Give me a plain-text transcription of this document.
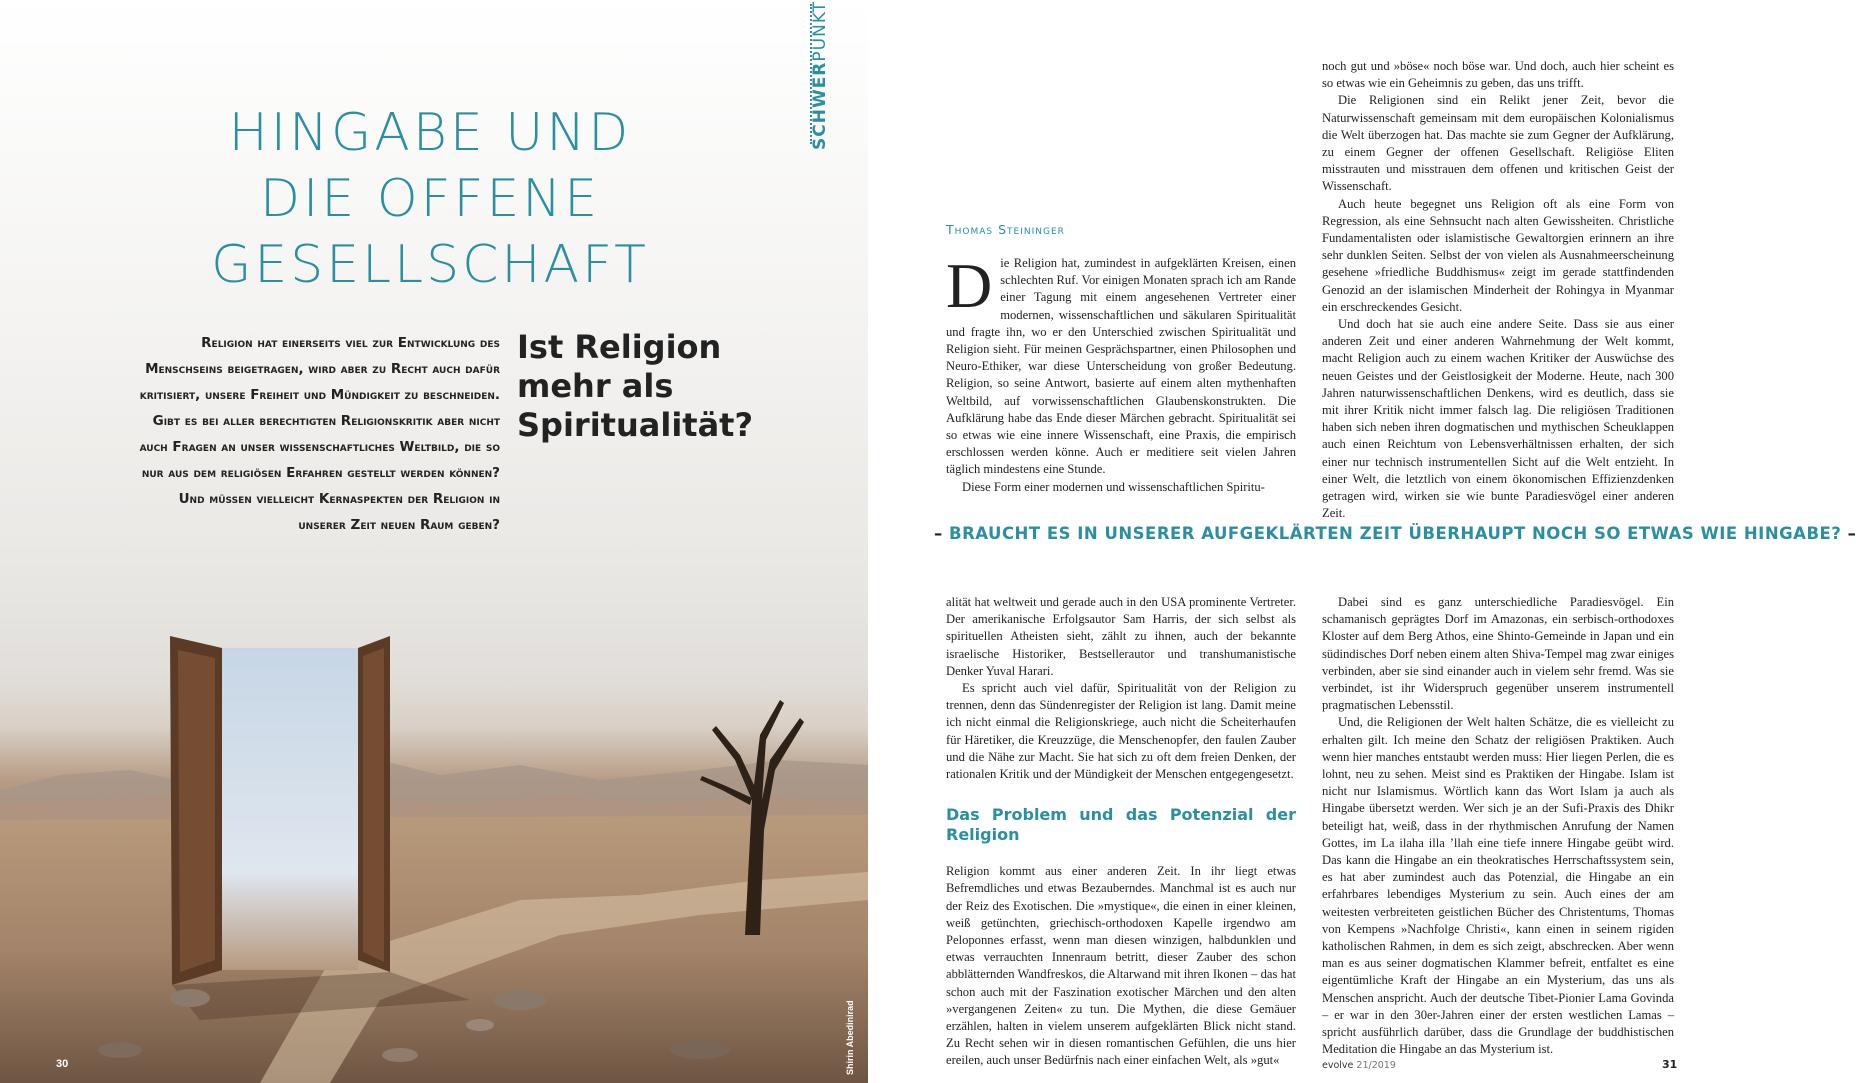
SCHWERPUNKT
HINGABE UND
DIE OFFENE
GESELLSCHAFT

Religion hat einerseits viel zur Entwicklung des Menschseins beigetragen, wird aber zu Recht auch dafür kritisiert, unsere Freiheit und Mündigkeit zu beschneiden. Gibt es bei aller berechtigten Religionskritik aber nicht auch Fragen an unser wissenschaftliches Weltbild, die so nur aus dem religiösen Erfahren gestellt werden können? Und müssen vielleicht Kernaspekten der Religion in unserer Zeit neuen Raum geben?

Ist Religion mehr als Spiritualität?

30	Shirin Abedinirad
Thomas Steininger
D ie Religion hat, zumindest in aufgeklärten Kreisen, einen schlechten Ruf. Vor einigen Monaten sprach ich am Rande einer Tagung mit einem angesehenen Vertreter einer modernen, wissenschaftlichen und säkularen Spiritualität und fragte ihn, wo er den Unterschied zwischen Spiritualität und Religion sieht. Für meinen Gesprächspartner, einen Philosophen und Neuro-Ethiker, war diese Unterscheidung von großer Bedeutung. Religion, so seine Antwort, basierte auf einem alten mythenhaften Weltbild, auf vorwissenschaftlichen Glaubenskonstrukten. Die Aufklärung habe das Ende dieser Märchen gebracht. Spiritualität sei so etwas wie eine innere Wissenschaft, eine Praxis, die empirisch erschlossen werden könne. Auch er meditiere seit vielen Jahren täglich mindestens eine Stunde.

Diese Form einer modernen und wissenschaftlichen Spiritu-

noch gut und »böse« noch böse war. Und doch, auch hier scheint es so etwas wie ein Geheimnis zu geben, das uns trifft.

Die Religionen sind ein Relikt jener Zeit, bevor die Naturwissenschaft gemeinsam mit dem europäischen Kolonialismus die Welt überzogen hat. Das machte sie zum Gegner der Aufklärung, zu einem Gegner der offenen Gesellschaft. Religiöse Eliten misstrauten und misstrauen dem offenen und kritischen Geist der Wissenschaft.

Auch heute begegnet uns Religion oft als eine Form von Regression, als eine Sehnsucht nach alten Gewissheiten. Christliche Fundamentalisten oder islamistische Gewaltorgien erinnern an ihre sehr dunklen Seiten. Selbst der von vielen als Ausnahmeerscheinung gesehene »friedliche Buddhismus« zeigt im gerade stattfindenden Genozid an der islamischen Minderheit der Rohingya in Myanmar ein erschreckendes Gesicht.

Und doch hat sie auch eine andere Seite. Dass sie aus einer anderen Zeit und einer anderen Wahrnehmung der Welt kommt, macht Religion auch zu einem wachen Kritiker der Auswüchse des neuen Geistes und der Geistlosigkeit der Moderne. Heute, nach 300 Jahren naturwissenschaftlichen Denkens, wird es deutlich, dass sie mit ihrer Kritik nicht immer falsch lag. Die religiösen Traditionen haben sich neben ihren dogmatischen und mythischen Scheuklappen auch einen Reichtum von Lebensverhältnissen erhalten, der sich einer nur technisch instrumentellen Sicht auf die Welt entzieht. In einer Welt, die letztlich von einem ökonomischen Effizienzdenken getragen wird, wirken sie wie bunte Paradiesvögel einer anderen Zeit.

– BRAUCHT ES IN UNSERER AUFGEKLÄRTEN ZEIT ÜBERHAUPT NOCH SO ETWAS WIE HINGABE? –

alität hat weltweit und gerade auch in den USA prominente Vertreter. Der amerikanische Erfolgsautor Sam Harris, der sich selbst als spirituellen Atheisten sieht, zählt zu ihnen, auch der bekannte israelische Historiker, Bestsellerautor und transhumanistische Denker Yuval Harari.

Es spricht auch viel dafür, Spiritualität von der Religion zu trennen, denn das Sündenregister der Religion ist lang. Damit meine ich nicht einmal die Religionskriege, auch nicht die Scheiterhaufen für Häretiker, die Kreuzzüge, die Menschenopfer, den faulen Zauber und die Nähe zur Macht. Sie hat sich zu oft dem freien Denken, der rationalen Kritik und der Mündigkeit der Menschen entgegengesetzt.

Das Problem und das Potenzial der Religion

Religion kommt aus einer anderen Zeit. In ihr liegt etwas Befremdliches und etwas Bezauberndes. Manchmal ist es auch nur der Reiz des Exotischen. Die »mystique«, die einen in einer kleinen, weiß getünchten, griechisch-orthodoxen Kapelle irgendwo am Peloponnes erfasst, wenn man diesen winzigen, halbdunklen und etwas verrauchten Innenraum betritt, dieser Zauber des schon abblätternden Wandfreskos, die Altarwand mit ihren Ikonen – das hat schon auch mit der Faszination exotischer Märchen und den alten »vergangenen Zeiten« zu tun. Die Mythen, die diese Gemäuer erzählen, halten in vielem unserem aufgeklärten Blick nicht stand. Zu Recht sehen wir in diesen romantischen Gefühlen, die uns hier ereilen, auch unser Bedürfnis nach einer einfachen Welt, als »gut«

Dabei sind es ganz unterschiedliche Paradiesvögel. Ein schamanisch geprägtes Dorf im Amazonas, ein serbisch-orthodoxes Kloster auf dem Berg Athos, eine Shinto-Gemeinde in Japan und ein südindisches Dorf neben einem alten Shiva-Tempel mag zwar einiges verbinden, aber sie sind einander auch in vielem sehr fremd. Was sie verbindet, ist ihr Widerspruch gegenüber unserem instrumentell pragmatischen Lebensstil.

Und, die Religionen der Welt halten Schätze, die es vielleicht zu erhalten gilt. Ich meine den Schatz der religiösen Praktiken. Auch wenn hier manches entstaubt werden muss: Hier liegen Perlen, die es lohnt, neu zu sehen. Meist sind es Praktiken der Hingabe. Islam ist nicht nur Islamismus. Wörtlich kann das Wort Islam ja auch als Hingabe übersetzt werden. Wer sich je an der Sufi-Praxis des Dhikr beteiligt hat, weiß, dass in der rhythmischen Anrufung der Namen Gottes, im La ilaha illa ’llah eine tiefe innere Hingabe geübt wird. Das kann die Hingabe an ein theokratisches Herrschaftssystem sein, es hat aber zumindest auch das Potenzial, die Hingabe an ein erfahrbares lebendiges Mysterium zu sein. Auch eines der am weitesten verbreiteten geistlichen Bücher des Christentums, Thomas von Kempens »Nachfolge Christi«, kann einen in seinem rigiden katholischen Rahmen, in dem es sich zeigt, abschrecken. Aber wenn man es aus seiner dogmatischen Klammer befreit, entfaltet es eine eigentümliche Kraft der Hingabe an ein Mysterium, das uns als Menschen anspricht. Auch der deutsche Tibet-Pionier Lama Govinda – er war in den 30er-Jahren einer der ersten westlichen Lamas – spricht ausführlich darüber, dass die Grundlage der buddhistischen Meditation die Hingabe an das Mysterium ist.

evolve 21/2019	31
